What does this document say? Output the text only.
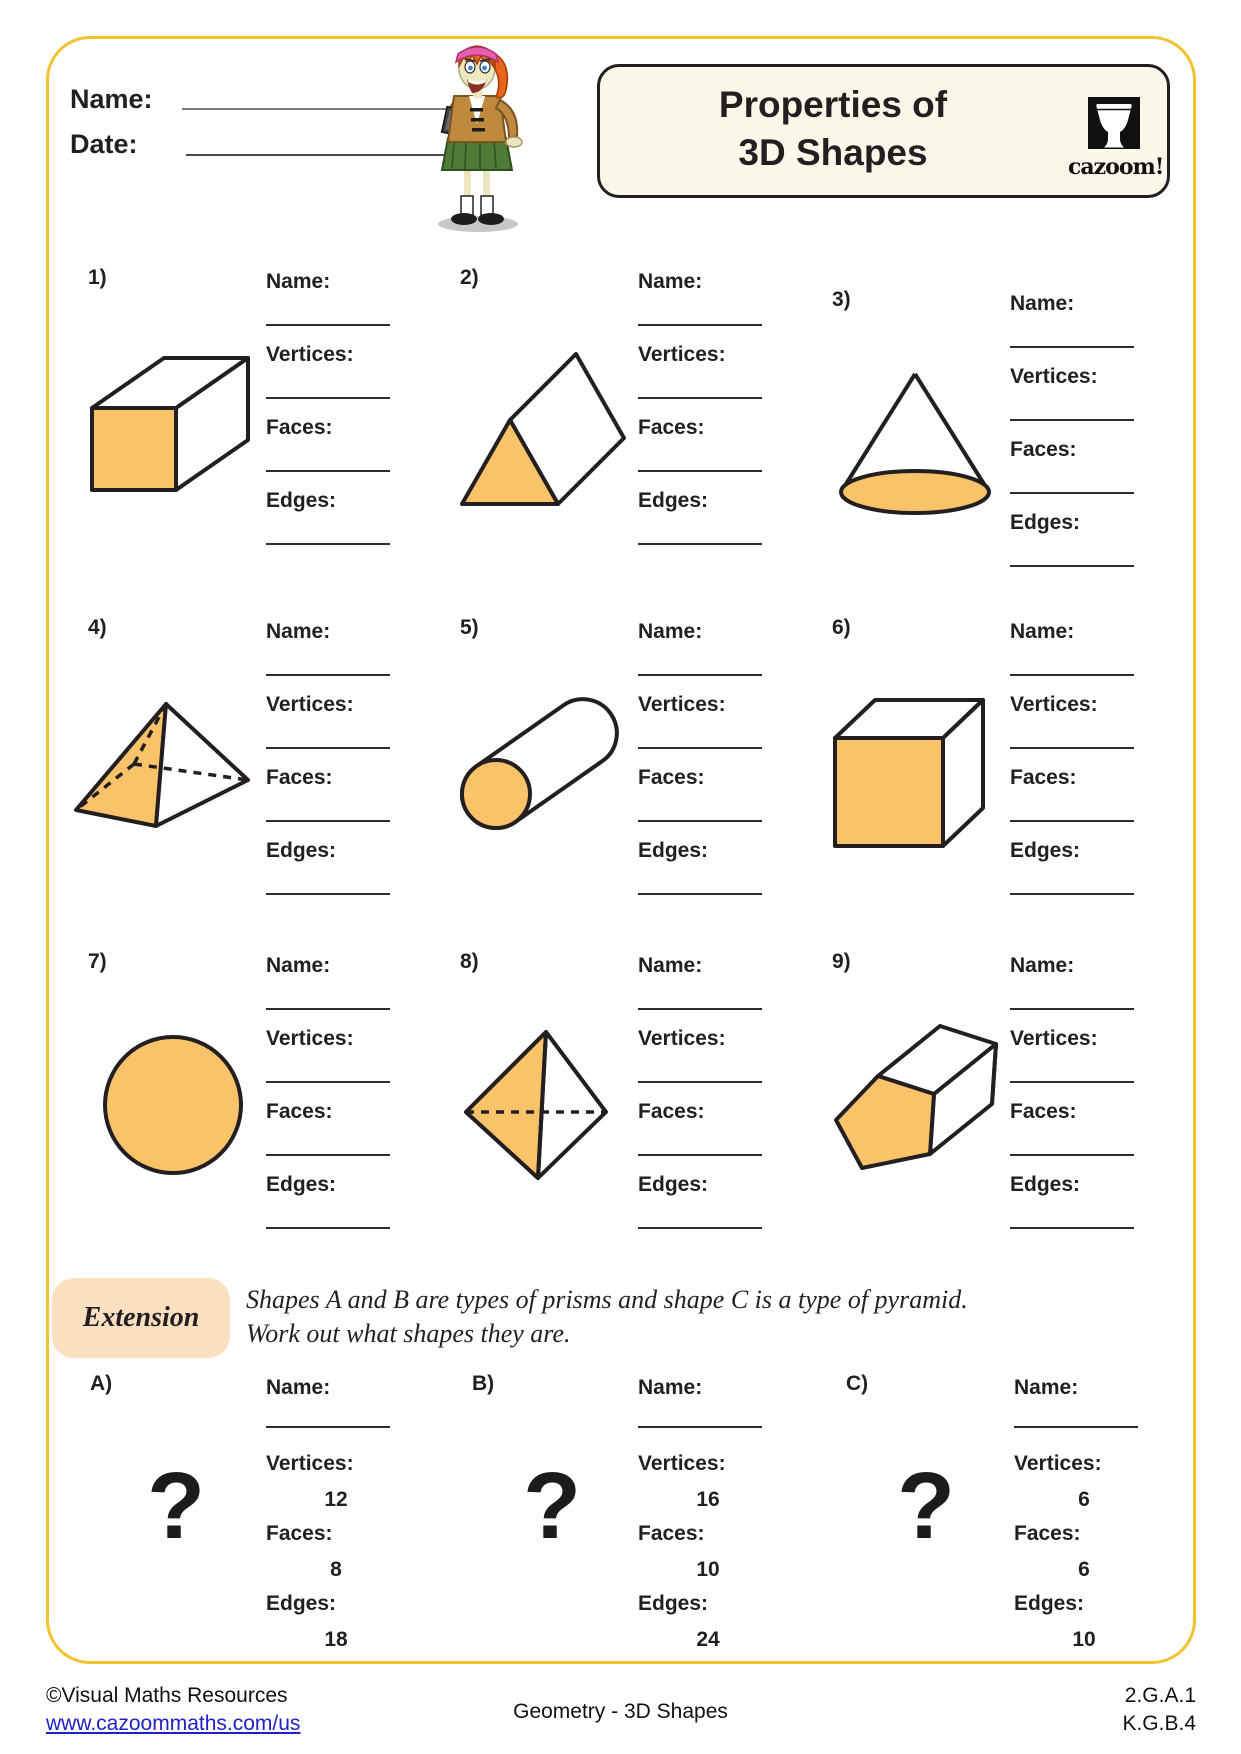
Name:
Date:
Properties of
3D Shapes	cazoom!
1)	Name:
Vertices:
Faces:
Edges:
2)	Name:
Vertices:
Faces:
Edges:
3)	Name:
Vertices:
Faces:
Edges:
4)	Name:
Vertices:
Faces:
Edges:
5)	Name:
Vertices:
Faces:
Edges:
6)	Name:
Vertices:
Faces:
Edges:
7)	Name:
Vertices:
Faces:
Edges:
8)	Name:
Vertices:
Faces:
Edges:
9)	Name:
Vertices:
Faces:
Edges:
Extension
Shapes A and B are types of prisms and shape C is a type of pyramid.
Work out what shapes they are.
A)
?
Name:
Vertices:
12
Faces:
8
Edges:
18
B)
?
Name:
Vertices:
16
Faces:
10
Edges:
24
C)
?
Name:
Vertices:
6
Faces:
6
Edges:
10
©Visual Maths Resources
www.cazoommaths.com/us
Geometry - 3D Shapes
2.G.A.1
K.G.B.4
